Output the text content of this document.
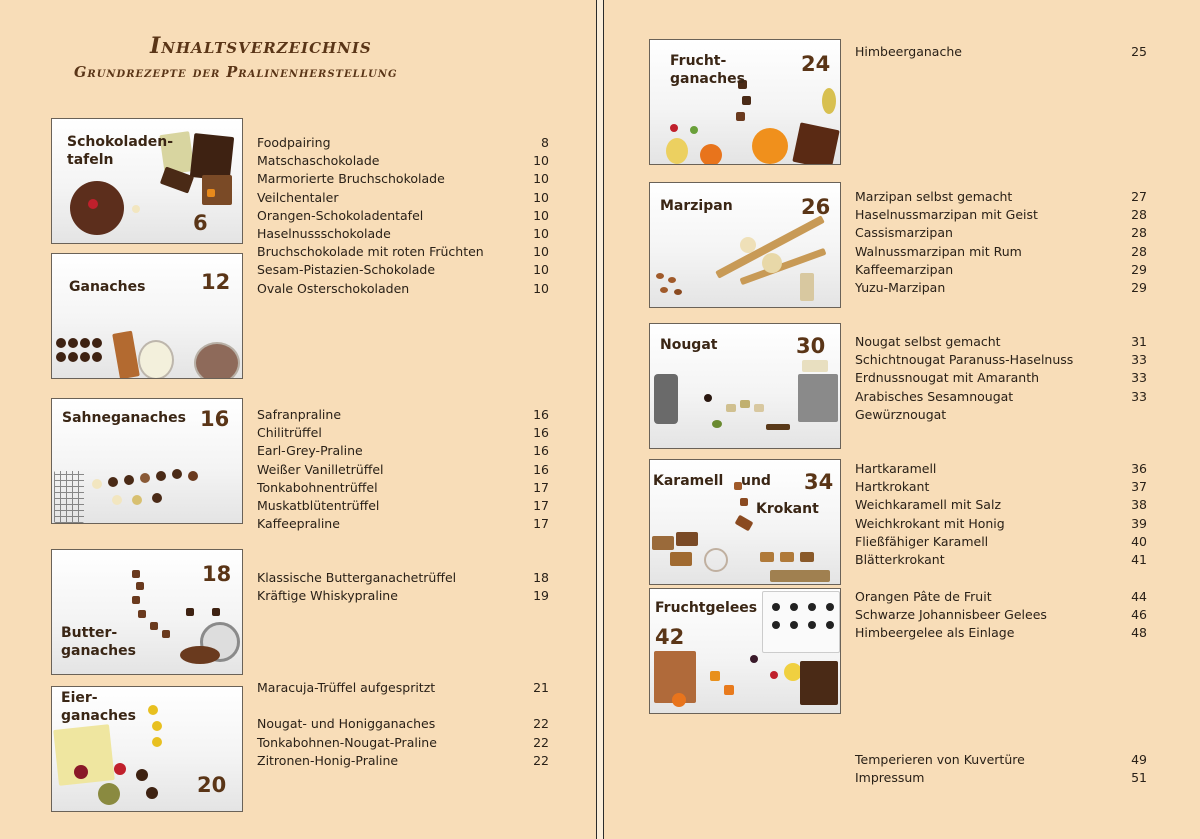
Inhaltsverzeichnis
Grundrezepte der Pralinenherstellung
Schokoladen-
tafeln
6
Ganaches	12
Sahneganaches 16
Butter-
ganaches
18
Eier-
ganaches
20
Foodpairing	8
Matschaschokolade	10
Marmorierte Bruchschokolade	10
Veilchentaler	10
Orangen-Schokoladentafel	10
Haselnussschokolade	10
Bruchschokolade mit roten Früchten	10
Sesam-Pistazien-Schokolade	10
Ovale Osterschokoladen	10
Safranpraline	16
Chilitrüffel	16
Earl-Grey-Praline	16
Weißer Vanilletrüffel	16
Tonkabohnentrüffel	17
Muskatblütentrüffel	17
Kaffeepraline	17
Klassische Butterganachetrüffel	18
Kräftige Whiskypraline	19
Maracuja-Trüffel aufgespritzt	21
Nougat- und Honigganaches	22
Tonkabohnen-Nougat-Praline	22
Zitronen-Honig-Praline	22
Frucht-
ganaches
24
Marzipan	26
Nougat	30
Karamell und
Krokant
34
Fruchtgelees
42
Himbeerganache	25
Marzipan selbst gemacht	27
Haselnussmarzipan mit Geist	28
Cassismarzipan	28
Walnussmarzipan mit Rum	28
Kaffeemarzipan	29
Yuzu-Marzipan	29
Nougat selbst gemacht	31
Schichtnougat Paranuss-Haselnuss	33
Erdnussnougat mit Amaranth	33
Arabisches Sesamnougat	33
Gewürznougat
Hartkaramell	36
Hartkrokant	37
Weichkaramell mit Salz	38
Weichkrokant mit Honig	39
Fließfähiger Karamell	40
Blätterkrokant	41
Orangen Pâte de Fruit	44
Schwarze Johannisbeer Gelees	46
Himbeergelee als Einlage	48
Temperieren von Kuvertüre	49
Impressum	51
